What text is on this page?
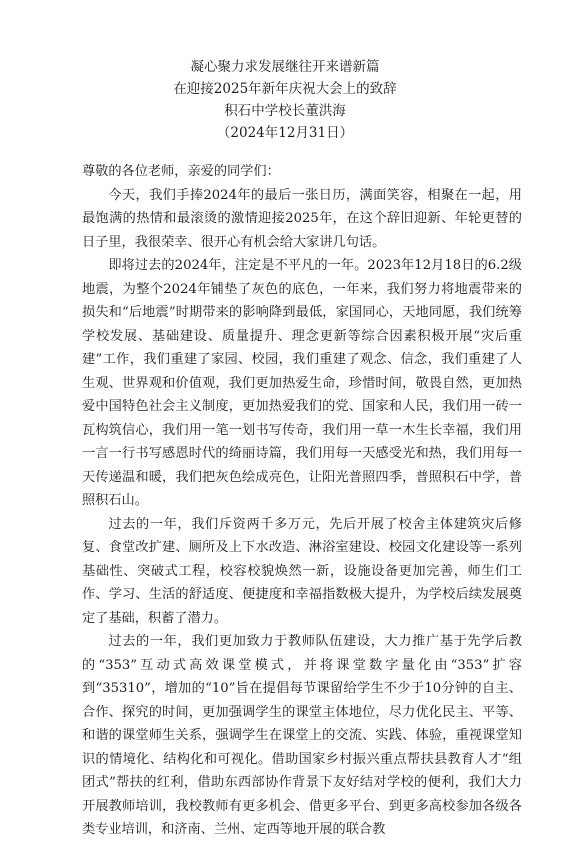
凝心聚力求发展继往开来谱新篇
在迎接2025年新年庆祝大会上的致辞
积石中学校长董洪海
（2024年12月31日）

尊敬的各位老师，亲爱的同学们：

今天，我们手捧2024年的最后一张日历，满面笑容，相聚在一起，用最饱满的热情和最滚烫的激情迎接2025年，在这个辞旧迎新、年轮更替的日子里，我很荣幸、很开心有机会给大家讲几句话。

即将过去的2024年，注定是不平凡的一年。2023年12月18日的6.2级地震，为整个2024年铺垫了灰色的底色，一年来，我们努力将地震带来的损失和“后地震”时期带来的影响降到最低，家国同心，天地同愿，我们统筹学校发展、基础建设、质量提升、理念更新等综合因素积极开展“灾后重建”工作，我们重建了家园、校园，我们重建了观念、信念，我们重建了人生观、世界观和价值观，我们更加热爱生命，珍惜时间，敬畏自然，更加热爱中国特色社会主义制度，更加热爱我们的党、国家和人民，我们用一砖一瓦构筑信心，我们用一笔一划书写传奇，我们用一草一木生长幸福，我们用一言一行书写感恩时代的绮丽诗篇，我们用每一天感受光和热，我们用每一天传递温和暖，我们把灰色绘成亮色，让阳光普照四季，普照积石中学，普照积石山。

过去的一年，我们斥资两千多万元，先后开展了校舍主体建筑灾后修复、食堂改扩建、厕所及上下水改造、淋浴室建设、校园文化建设等一系列基础性、突破式工程，校容校貌焕然一新，设施设备更加完善，师生们工作、学习、生活的舒适度、便捷度和幸福指数极大提升，为学校后续发展奠定了基础，积蓄了潜力。

过去的一年，我们更加致力于教师队伍建设，大力推广基于先学后教的“353”互动式高效课堂模式，并将课堂数字量化由“353”扩容到“35310”，增加的“10”旨在提倡每节课留给学生不少于10分钟的自主、合作、探究的时间，更加强调学生的课堂主体地位，尽力优化民主、平等、和谐的课堂师生关系，强调学生在课堂上的交流、实践、体验，重视课堂知识的情境化、结构化和可视化。借助国家乡村振兴重点帮扶县教育人才“组团式”帮扶的红利，借助东西部协作背景下友好结对学校的便利，我们大力开展教师培训，我校教师有更多机会、借更多平台、到更多高校参加各级各类专业培训，和济南、兰州、定西等地开展的联合教
